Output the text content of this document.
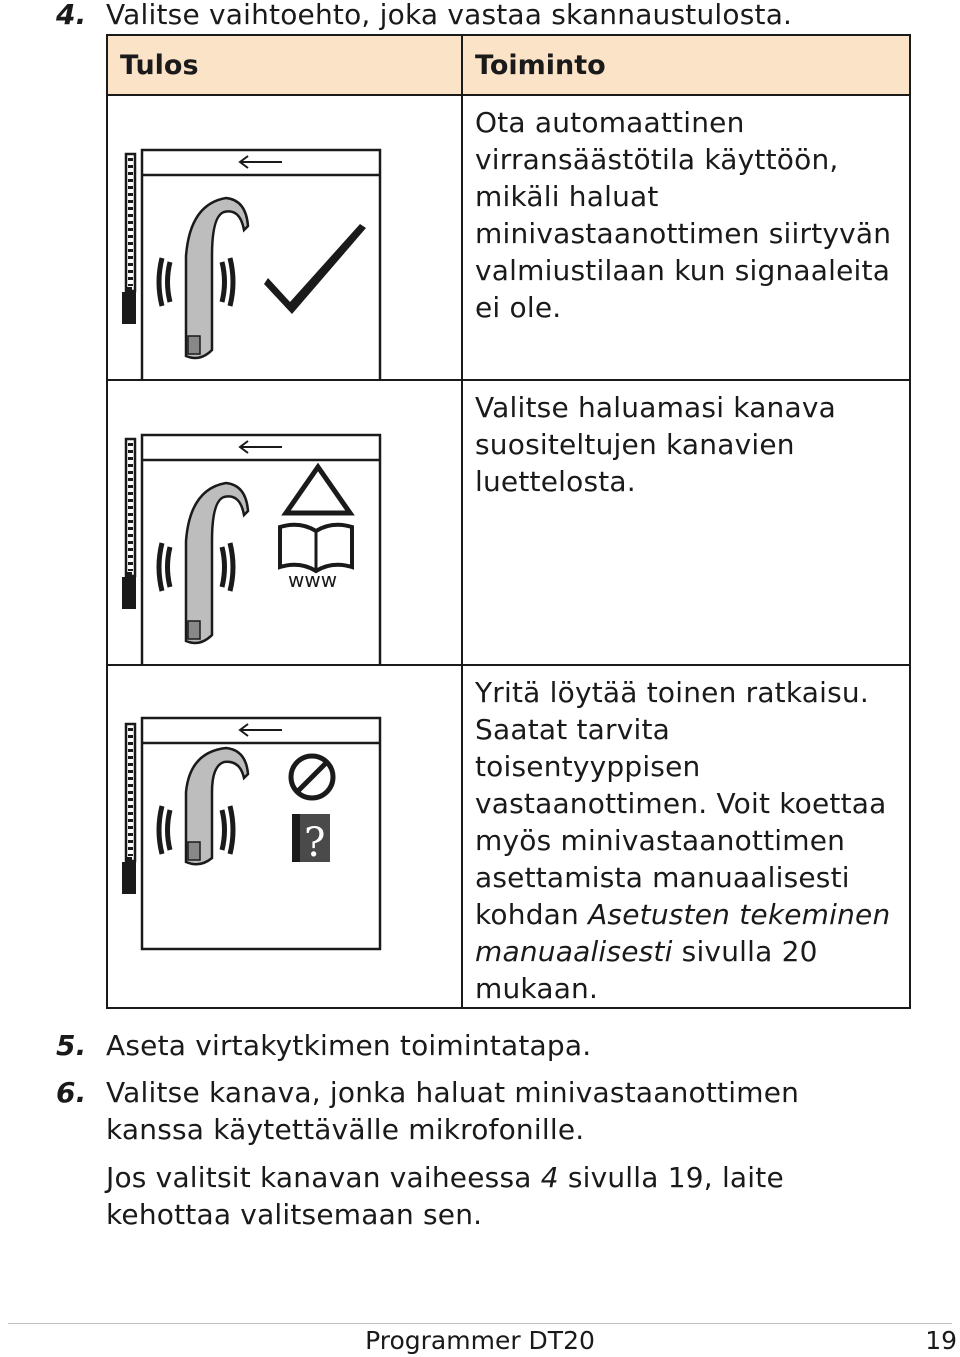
4. Valitse vaihtoehto, joka vastaa skannaustulosta.
Tulos	Toiminto

	Ota automaattinen virransäästötila käyttöön, mikäli haluat minivastaanottimen siirtyvän valmiustilaan kun signaaleita ei ole.

www	Valitse haluamasi kanava suositeltujen kanavien luettelosta.

?	Yritä löytää toinen ratkaisu. Saatat tarvita toisentyyppisen vastaanottimen. Voit koettaa myös minivastaanottimen asettamista manuaalisesti kohdan Asetusten tekeminen manuaalisesti sivulla 20 mukaan.
5. Aseta virtakytkimen toimintatapa.
6. Valitse kanava, jonka haluat minivastaanottimen kanssa käytettävälle mikrofonille.
Jos valitsit kanavan vaiheessa 4 sivulla 19, laite kehottaa valitsemaan sen.
Programmer DT20	19
